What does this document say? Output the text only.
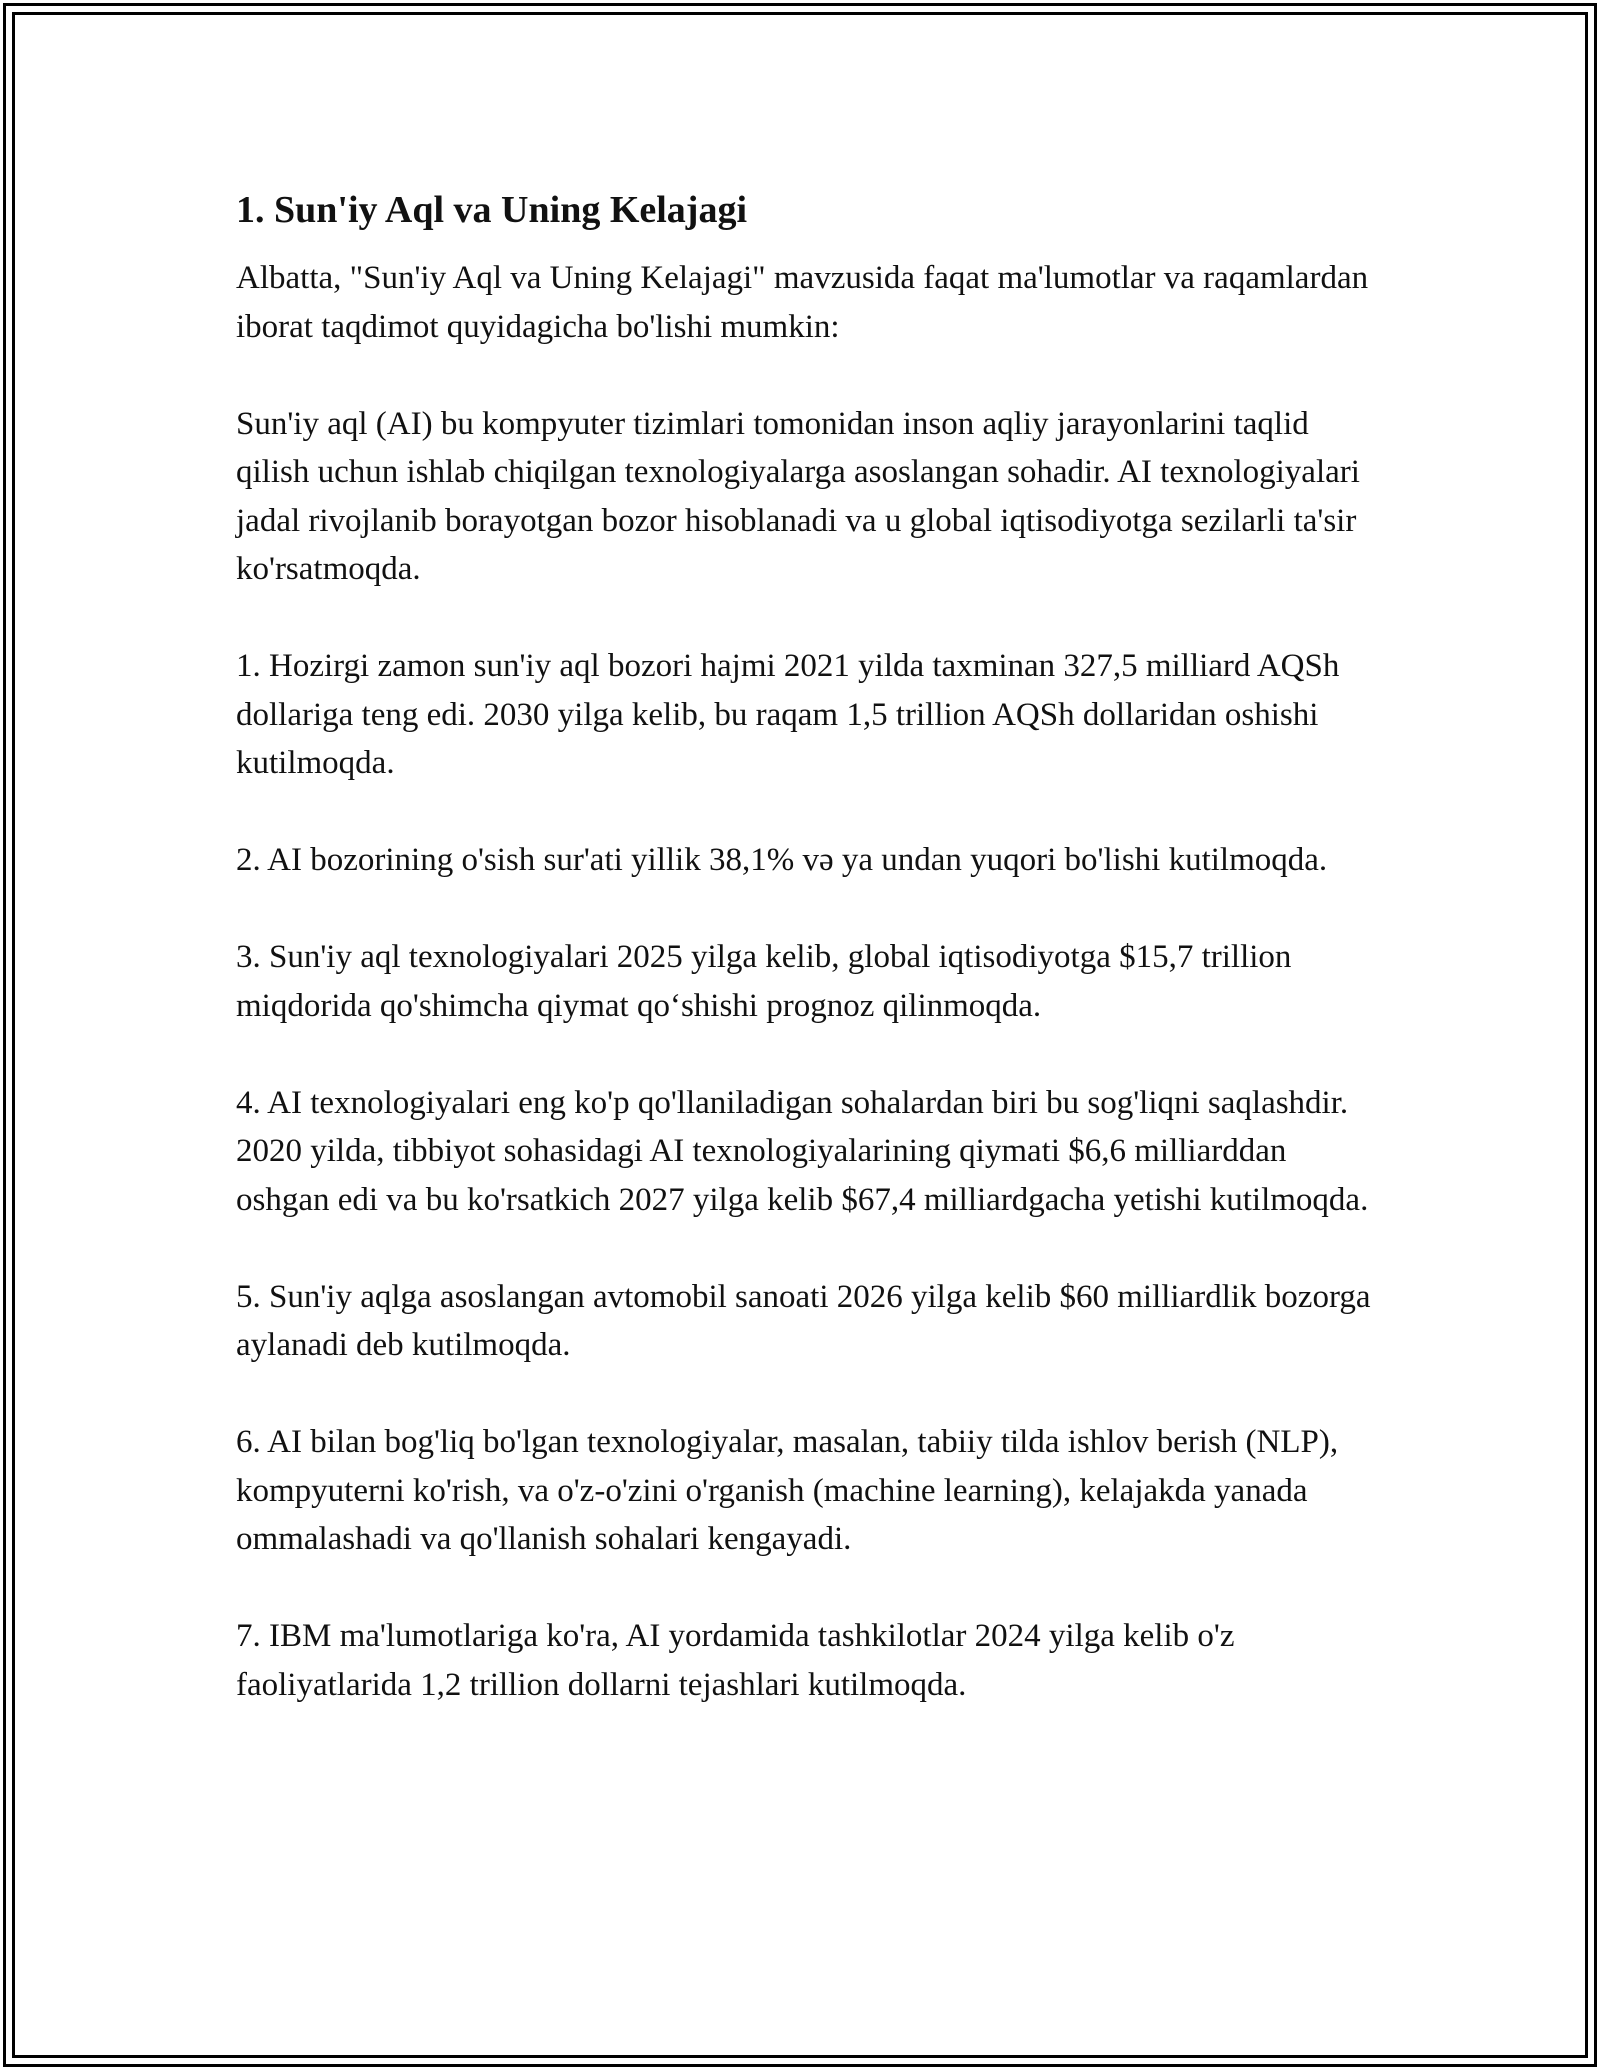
1. Sun'iy Aql va Uning Kelajagi

Albatta, "Sun'iy Aql va Uning Kelajagi" mavzusida faqat ma'lumotlar va raqamlardan iborat taqdimot quyidagicha bo'lishi mumkin:

Sun'iy aql (AI) bu kompyuter tizimlari tomonidan inson aqliy jarayonlarini taqlid qilish uchun ishlab chiqilgan texnologiyalarga asoslangan sohadir. AI texnologiyalari jadal rivojlanib borayotgan bozor hisoblanadi va u global iqtisodiyotga sezilarli ta'sir ko'rsatmoqda.

1. Hozirgi zamon sun'iy aql bozori hajmi 2021 yilda taxminan 327,5 milliard AQSh dollariga teng edi. 2030 yilga kelib, bu raqam 1,5 trillion AQSh dollaridan oshishi kutilmoqda.

2. AI bozorining o'sish sur'ati yillik 38,1% və ya undan yuqori bo'lishi kutilmoqda.

3. Sun'iy aql texnologiyalari 2025 yilga kelib, global iqtisodiyotga $15,7 trillion miqdorida qo'shimcha qiymat qo‘shishi prognoz qilinmoqda.

4. AI texnologiyalari eng ko'p qo'llaniladigan sohalardan biri bu sog'liqni saqlashdir. 2020 yilda, tibbiyot sohasidagi AI texnologiyalarining qiymati $6,6 milliarddan oshgan edi va bu ko'rsatkich 2027 yilga kelib $67,4 milliardgacha yetishi kutilmoqda.

5. Sun'iy aqlga asoslangan avtomobil sanoati 2026 yilga kelib $60 milliardlik bozorga aylanadi deb kutilmoqda.

6. AI bilan bog'liq bo'lgan texnologiyalar, masalan, tabiiy tilda ishlov berish (NLP), kompyuterni ko'rish, va o'z-o'zini o'rganish (machine learning), kelajakda yanada ommalashadi va qo'llanish sohalari kengayadi.

7. IBM ma'lumotlariga ko'ra, AI yordamida tashkilotlar 2024 yilga kelib o'z faoliyatlarida 1,2 trillion dollarni tejashlari kutilmoqda.
